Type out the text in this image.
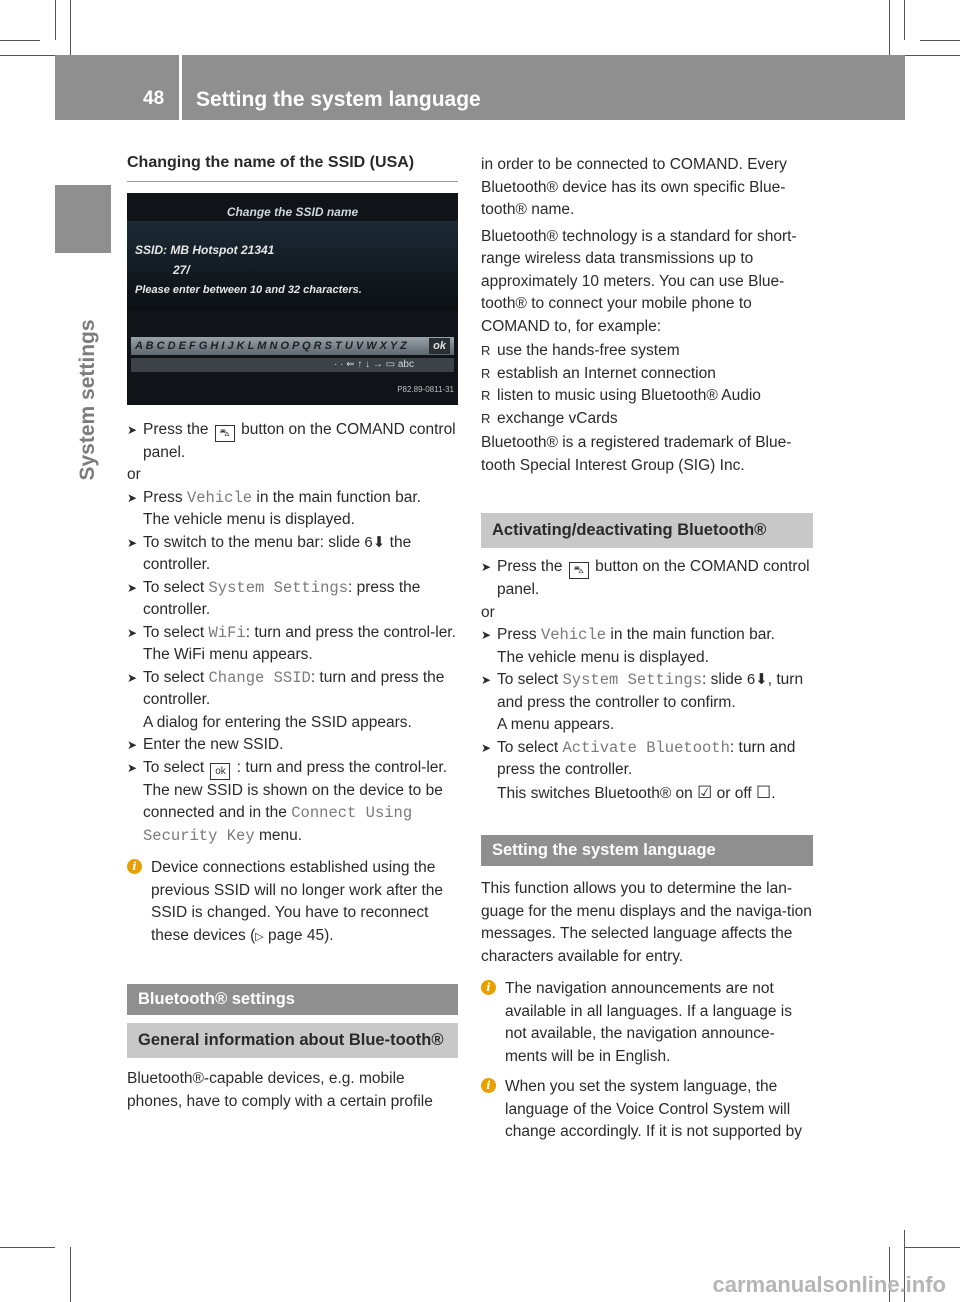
48 Setting the system language
System settings

Changing the name of the SSID (USA)

Change the SSID name
SSID: MB Hotspot 21341
27/
Please enter between 10 and 32 characters.
A B C D E F G H I J K L M N O P Q R S T U V W X Y Z	ok
· · ⇐ ↑ ↓ → ▭ abc
P82.89-0811-31

➤ Press the ⛍ button on the COMAND control panel.

or

➤ Press Vehicle in the main function bar.
The vehicle menu is displayed.

➤ To switch to the menu bar: slide 6⬇ the controller.

➤ To select System Settings: press the controller.

➤ To select WiFi: turn and press the control-ler.
The WiFi menu appears.

➤ To select Change SSID: turn and press the controller.
A dialog for entering the SSID appears.

➤ Enter the new SSID.

➤ To select ok : turn and press the control-ler.
The new SSID is shown on the device to be connected and in the Connect Using Security Key menu.

i Device connections established using the previous SSID will no longer work after the SSID is changed. You have to reconnect these devices (▷ page 45).

Bluetooth® settings
General information about Blue-tooth®

Bluetooth®-capable devices, e.g. mobile phones, have to comply with a certain profile

in order to be connected to COMAND. Every Bluetooth® device has its own specific Blue-tooth® name.

Bluetooth® technology is a standard for short-range wireless data transmissions up to approximately 10 meters. You can use Blue-tooth® to connect your mobile phone to COMAND to, for example:

R use the hands-free system

R establish an Internet connection

R listen to music using Bluetooth® Audio

R exchange vCards

Bluetooth® is a registered trademark of Blue-tooth Special Interest Group (SIG) Inc.

Activating/deactivating Bluetooth®

➤ Press the ⛍ button on the COMAND control panel.

or

➤ Press Vehicle in the main function bar.
The vehicle menu is displayed.

➤ To select System Settings: slide 6⬇, turn and press the controller to confirm.
A menu appears.

➤ To select Activate Bluetooth: turn and press the controller.
This switches Bluetooth® on ☑ or off ☐.

Setting the system language

This function allows you to determine the lan-guage for the menu displays and the naviga-tion messages. The selected language affects the characters available for entry.

i The navigation announcements are not available in all languages. If a language is not available, the navigation announce-ments will be in English.

i When you set the system language, the language of the Voice Control System will change accordingly. If it is not supported by

carmanualsonline.info
